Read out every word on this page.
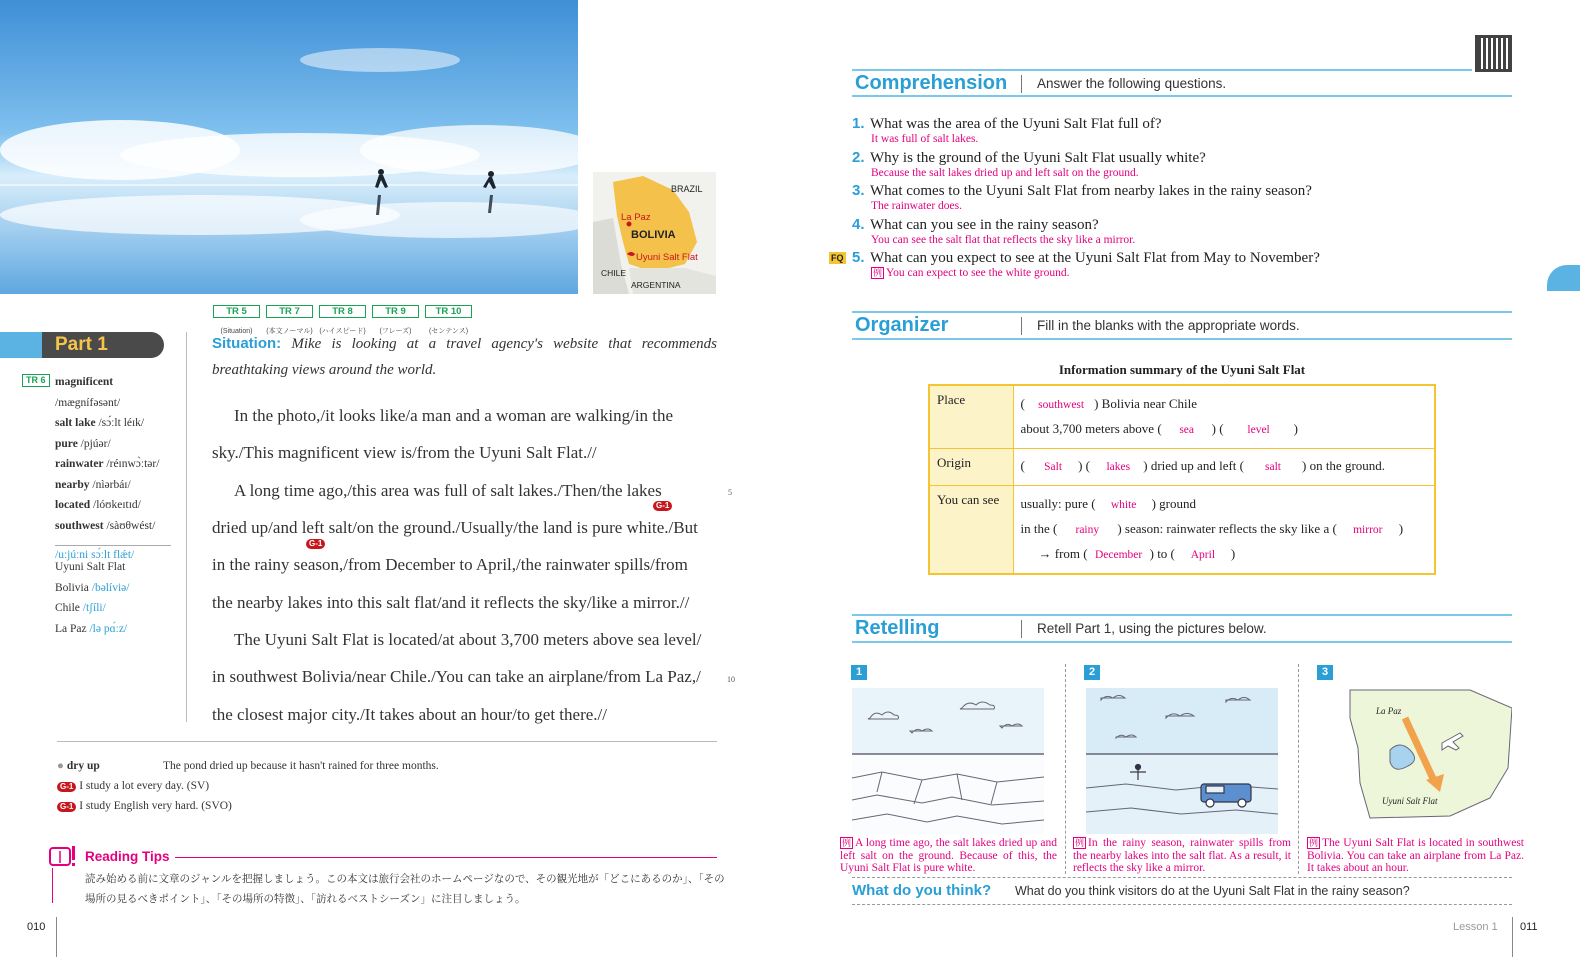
BRAZIL
La Paz
BOLIVIA
Uyuni Salt Flat
CHILE
ARGENTINA
TR 5	TR 7	TR 8	TR 9	TR 10
(Situation) (本文ノーマル) (ハイスピード) (フレーズ) (センテンス)
Part 1
TR 6 magnificent
/mægnífəsənt/
salt lake /sɔ́ːlt léɪk/
pure /pjúər/
rainwater /réɪnwɔ̀ːtər/
nearby /nìərbáɪ/
located /lóʊkeɪtɪd/
southwest /sàʊθwést/
/uːjúːni sɔ́ːlt flǽt/
Uyuni Salt Flat
Bolivia /bəlíviə/
Chile /tʃíli/
La Paz /lə pɑ́ːz/
Situation: Mike is looking at a travel agency's website that recommends
breathtaking views around the world.
In the photo,/it looks like/a man and a woman are walking/in the
sky./This magnificent view is/from the Uyuni Salt Flat.//
A long time ago,/this area was full of salt lakes./Then/the lakes
dried up/and left salt/on the ground./Usually/the land is pure white./But
in the rainy season,/from December to April,/the rainwater spills/from
the nearby lakes into this salt flat/and it reflects the sky/like a mirror.//
The Uyuni Salt Flat is located/at about 3,700 meters above sea level/
in southwest Bolivia/near Chile./You can take an airplane/from La Paz,/
the closest major city./It takes about an hour/to get there.//
G-1
G-1
5
10
● dry up	The pond dried up because it hasn't rained for three months.
G-1 I study a lot every day. (SV)
G-1 I study English very hard. (SVO)
Reading Tips
読み始める前に文章のジャンルを把握しましょう。この本文は旅行会社のホームページなので、その観光地が「どこにあるのか」、「その
場所の見るべきポイント」、「その場所の特徴」、「訪れるベストシーズン」に注目しましょう。
010
Comprehension Answer the following questions.
1. What was the area of the Uyuni Salt Flat full of?
It was full of salt lakes.
2. Why is the ground of the Uyuni Salt Flat usually white?
Because the salt lakes dried up and left salt on the ground.
3. What comes to the Uyuni Salt Flat from nearby lakes in the rainy season?
The rainwater does.
4. What can you see in the rainy season?
You can see the salt flat that reflects the sky like a mirror.
FQ 5. What can you expect to see at the Uyuni Salt Flat from May to November?
例 You can expect to see the white ground.
Organizer	Fill in the blanks with the appropriate words.
Information summary of the Uyuni Salt Flat
Place	( southwest ) Bolivia near Chile
about 3,700 meters above ( sea ) ( level )

Origin	( Salt ) ( lakes ) dried up and left ( salt ) on the ground.
You can see	usually: pure ( white ) ground
in the ( rainy ) season: rainwater reflects the sky like a ( mirror )
→ from ( December ) to ( April )
Retelling	Retell Part 1, using the pictures below.
1
例 A long time ago, the salt lakes dried up and left salt on the ground. Because of this, the Uyuni Salt Flat is pure white.
2
例 In the rainy season, rainwater spills from the nearby lakes into the salt flat. As a result, it reflects the sky like a mirror.
3
La Paz
Uyuni Salt Flat
例 The Uyuni Salt Flat is located in southwest Bolivia. You can take an airplane from La Paz. It takes about an hour.
What do you think? What do you think visitors do at the Uyuni Salt Flat in the rainy season?
Lesson 1 011
